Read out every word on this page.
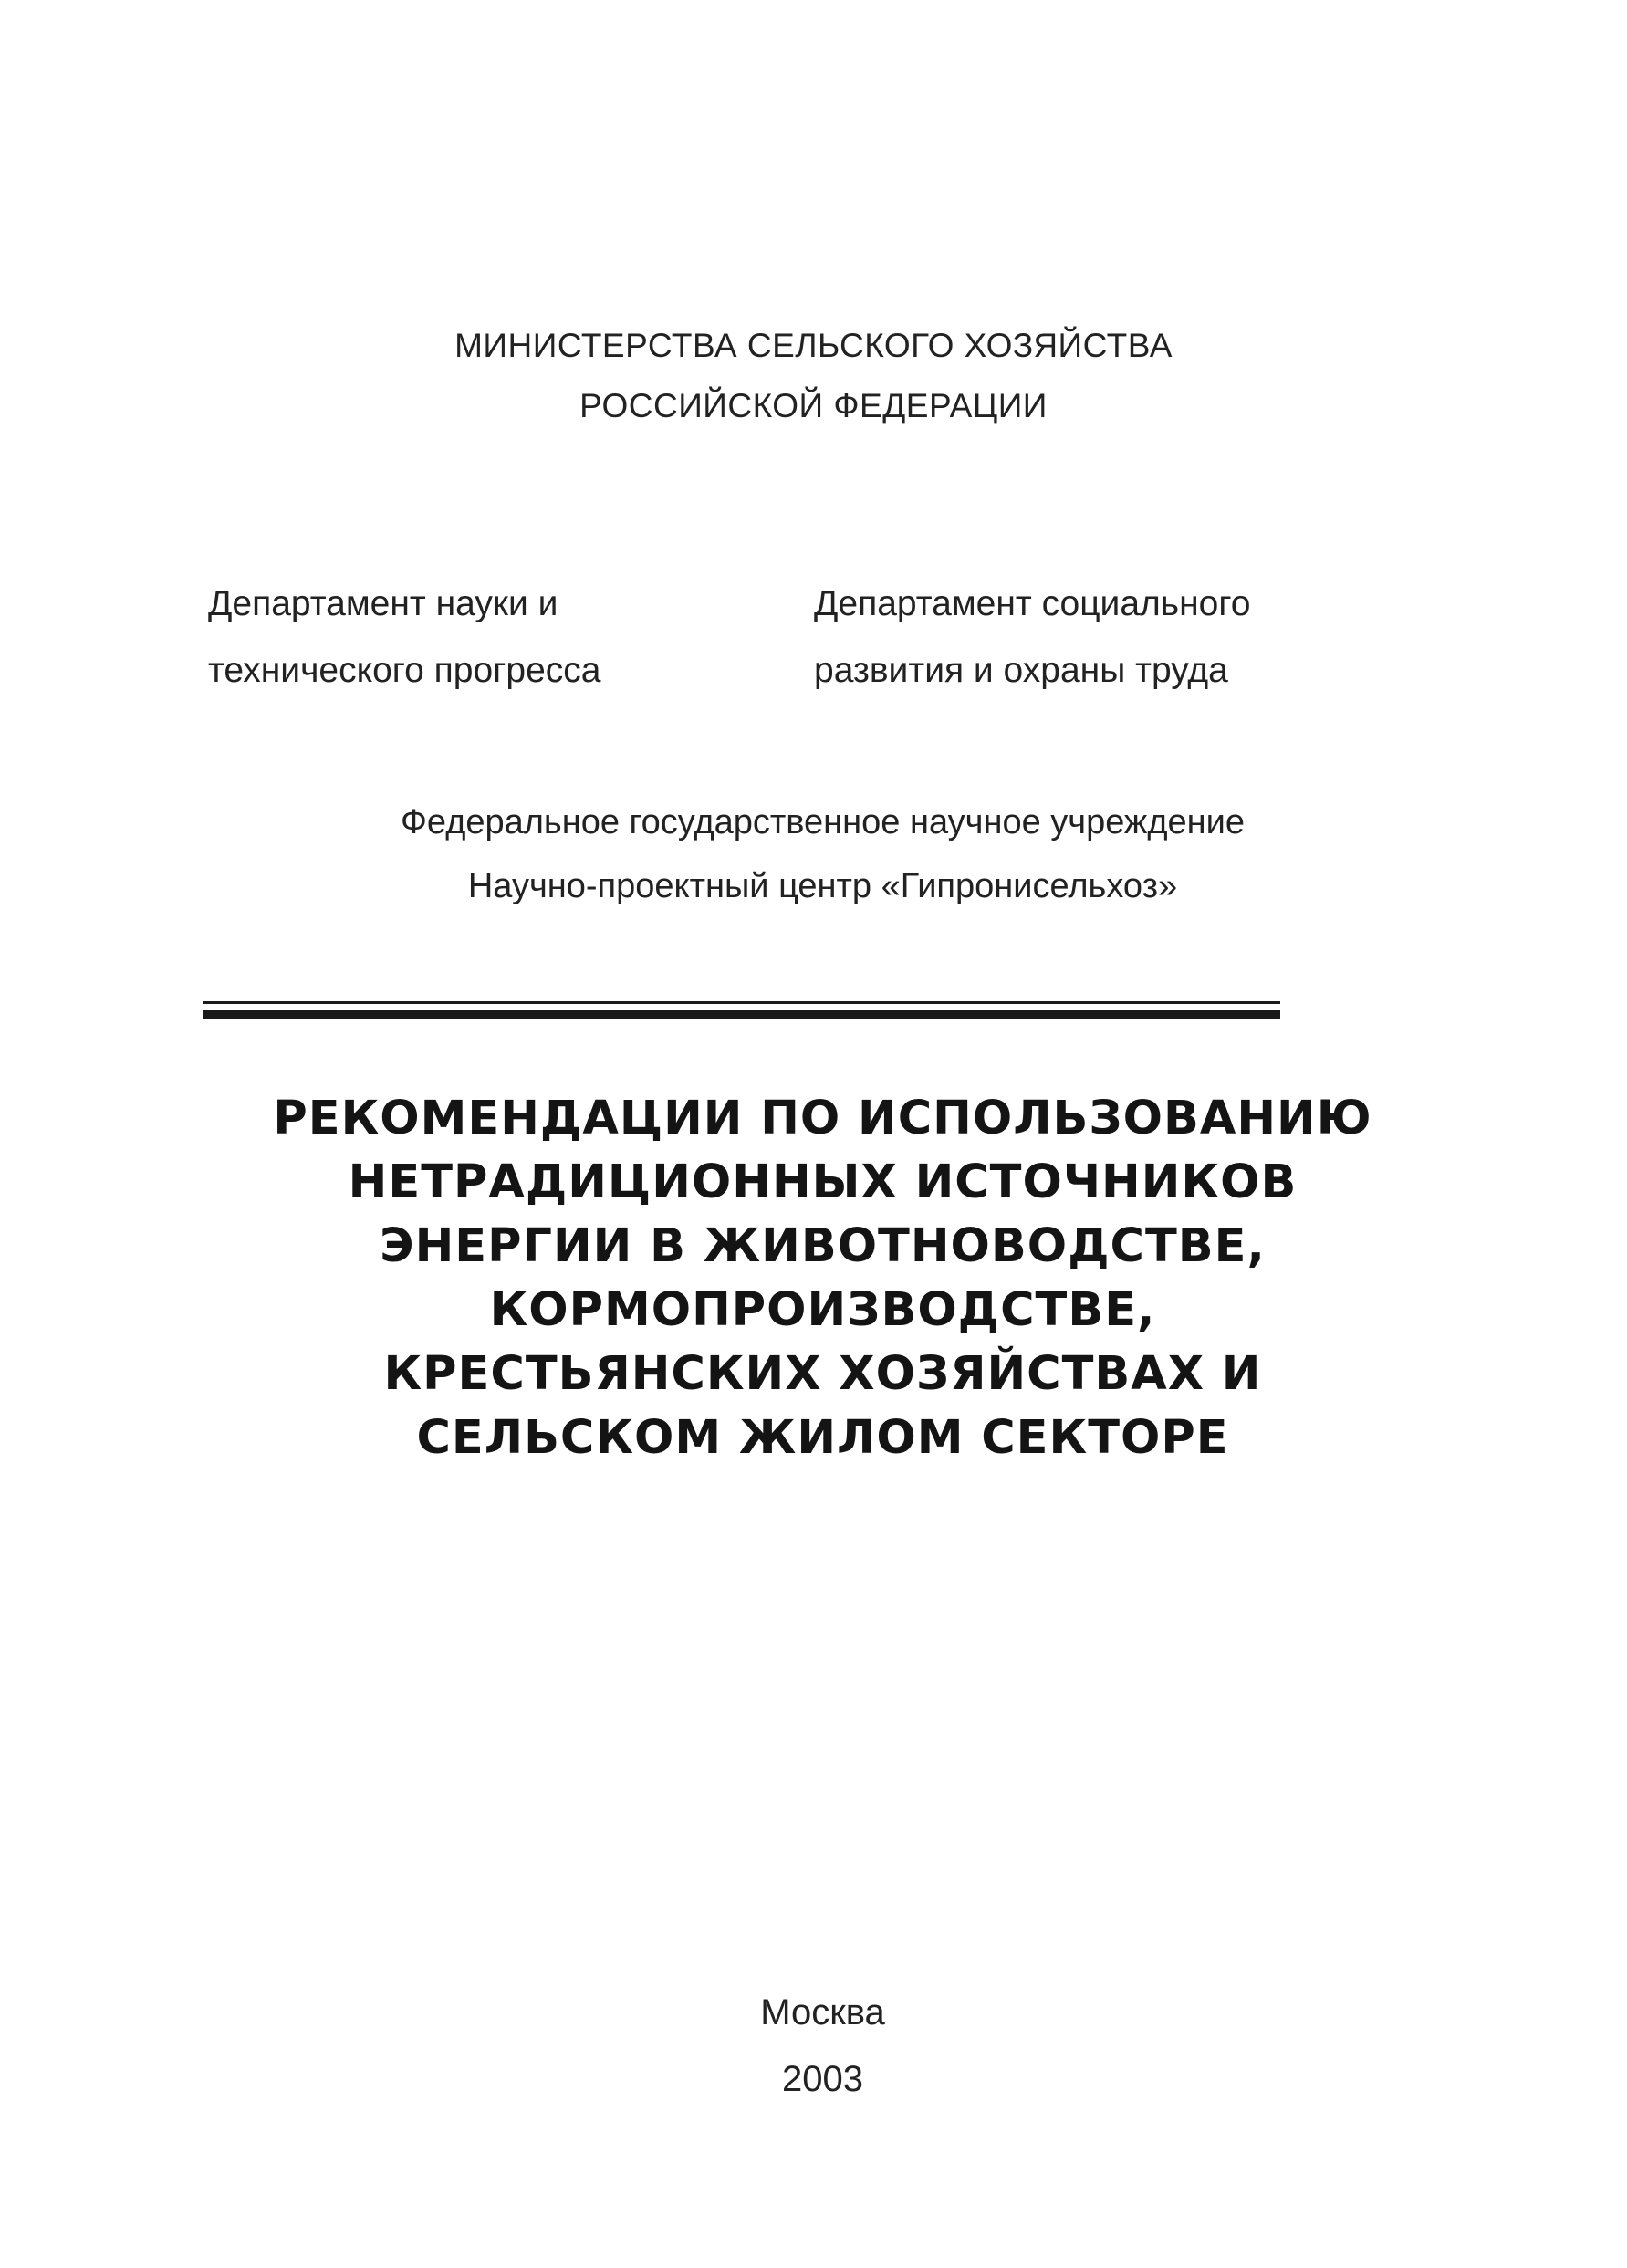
МИНИСТЕРСТВА СЕЛЬСКОГО ХОЗЯЙСТВА
РОССИЙСКОЙ ФЕДЕРАЦИИ
Департамент науки и
технического прогресса
Департамент социального
развития и охраны труда
Федеральное государственное научное учреждение
Научно-проектный центр «Гипронисельхоз»
РЕКОМЕНДАЦИИ ПО ИСПОЛЬЗОВАНИЮ
НЕТРАДИЦИОННЫХ ИСТОЧНИКОВ
ЭНЕРГИИ В ЖИВОТНОВОДСТВЕ,
КОРМОПРОИЗВОДСТВЕ,
КРЕСТЬЯНСКИХ ХОЗЯЙСТВАХ И
СЕЛЬСКОМ ЖИЛОМ СЕКТОРЕ
Москва
2003
